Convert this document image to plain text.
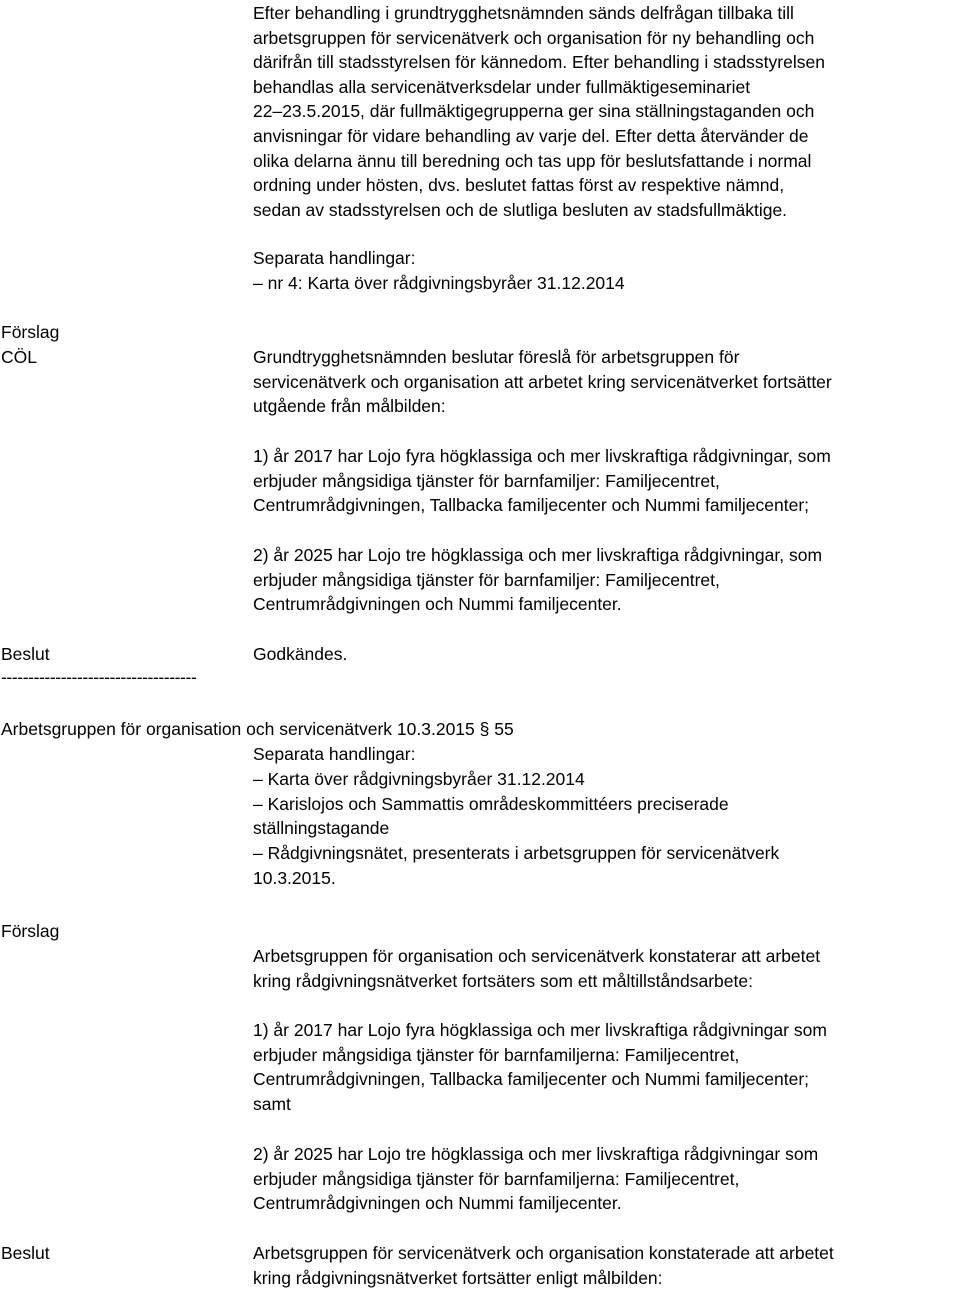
Efter behandling i grundtrygghetsnämnden sänds delfrågan tillbaka till
arbetsgruppen för servicenätverk och organisation för ny behandling och
därifrån till stadsstyrelsen för kännedom. Efter behandling i stadsstyrelsen
behandlas alla servicenätverksdelar under fullmäktigeseminariet
22–23.5.2015, där fullmäktigegrupperna ger sina ställningstaganden och
anvisningar för vidare behandling av varje del. Efter detta återvänder de
olika delarna ännu till beredning och tas upp för beslutsfattande i normal
ordning under hösten, dvs. beslutet fattas först av respektive nämnd,
sedan av stadsstyrelsen och de slutliga besluten av stadsfullmäktige.
Separata handlingar:
– nr 4: Karta över rådgivningsbyråer 31.12.2014
Förslag
CÖL	Grundtrygghetsnämnden beslutar föreslå för arbetsgruppen för
servicenätverk och organisation att arbetet kring servicenätverket fortsätter
utgående från målbilden:
1) år 2017 har Lojo fyra högklassiga och mer livskraftiga rådgivningar, som
erbjuder mångsidiga tjänster för barnfamiljer: Familjecentret,
Centrumrådgivningen, Tallbacka familjecenter och Nummi familjecenter;
2) år 2025 har Lojo tre högklassiga och mer livskraftiga rådgivningar, som
erbjuder mångsidiga tjänster för barnfamiljer: Familjecentret,
Centrumrådgivningen och Nummi familjecenter.
Beslut	Godkändes.
------------------------------------
Arbetsgruppen för organisation och servicenätverk 10.3.2015 § 55
Separata handlingar:
– Karta över rådgivningsbyråer 31.12.2014
– Karislojos och Sammattis områdeskommittéers preciserade
ställningstagande
– Rådgivningsnätet, presenterats i arbetsgruppen för servicenätverk
10.3.2015.
Förslag
Arbetsgruppen för organisation och servicenätverk konstaterar att arbetet
kring rådgivningsnätverket fortsäters som ett måltillståndsarbete:
1) år 2017 har Lojo fyra högklassiga och mer livskraftiga rådgivningar som
erbjuder mångsidiga tjänster för barnfamiljerna: Familjecentret,
Centrumrådgivningen, Tallbacka familjecenter och Nummi familjecenter;
samt
2) år 2025 har Lojo tre högklassiga och mer livskraftiga rådgivningar som
erbjuder mångsidiga tjänster för barnfamiljerna: Familjecentret,
Centrumrådgivningen och Nummi familjecenter.
Beslut	Arbetsgruppen för servicenätverk och organisation konstaterade att arbetet
kring rådgivningsnätverket fortsätter enligt målbilden:
